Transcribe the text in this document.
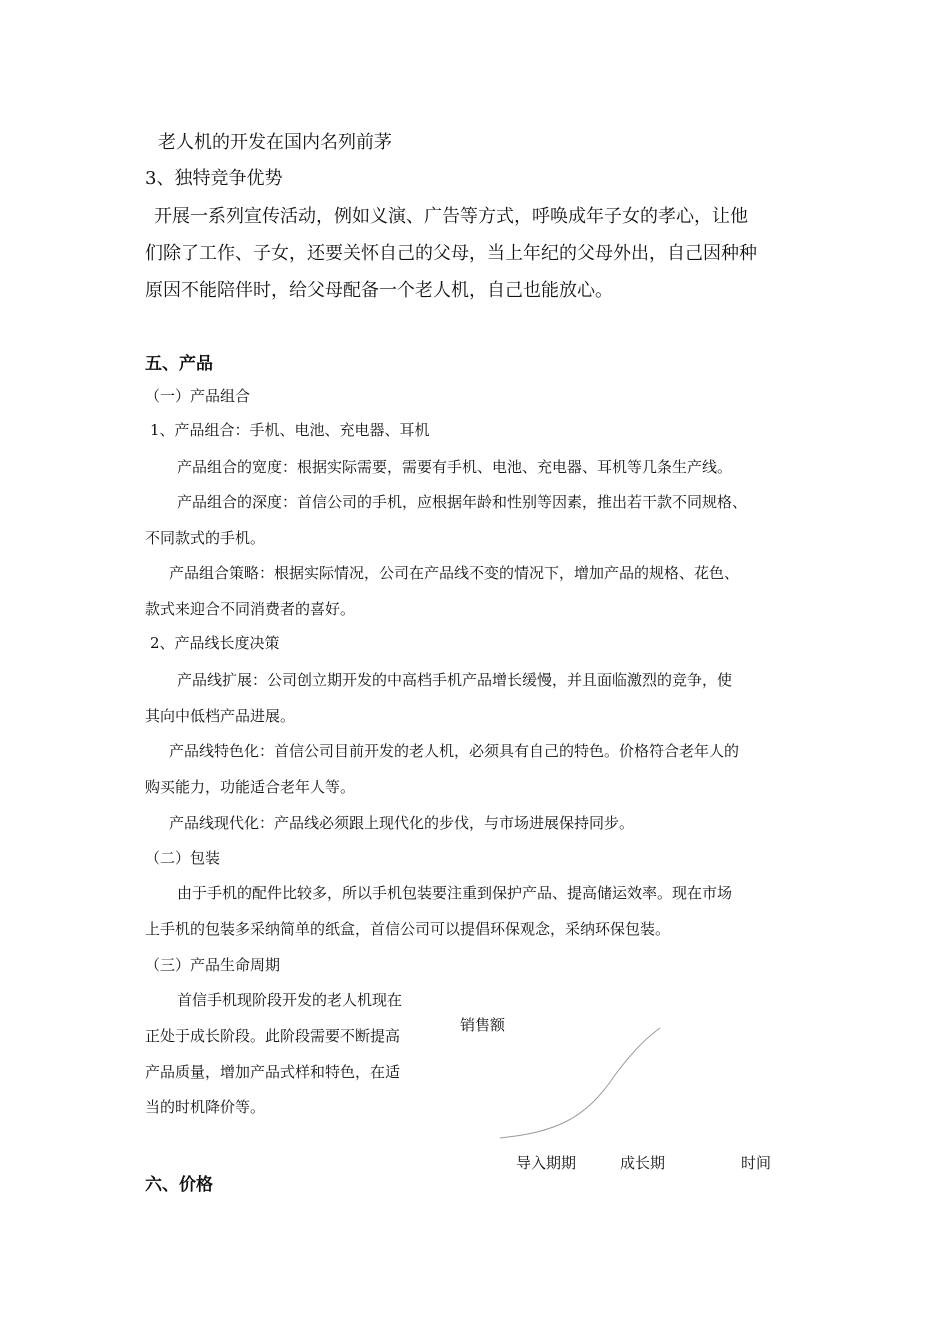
老人机的开发在国内名列前茅

3、独特竞争优势

开展一系列宣传活动，例如义演、广告等方式，呼唤成年子女的孝心，让他

们除了工作、子女，还要关怀自己的父母，当上年纪的父母外出，自己因种种

原因不能陪伴时，给父母配备一个老人机，自己也能放心。

五、产品

（一）产品组合

1、产品组合：手机、电池、充电器、耳机

产品组合的宽度：根据实际需要，需要有手机、电池、充电器、耳机等几条生产线。

产品组合的深度：首信公司的手机，应根据年龄和性别等因素，推出若干款不同规格、

不同款式的手机。

产品组合策略：根据实际情况，公司在产品线不变的情况下，增加产品的规格、花色、

款式来迎合不同消费者的喜好。

2、产品线长度决策

产品线扩展：公司创立期开发的中高档手机产品增长缓慢，并且面临激烈的竞争，使

其向中低档产品进展。

产品线特色化：首信公司目前开发的老人机，必须具有自己的特色。价格符合老年人的

购买能力，功能适合老年人等。

产品线现代化：产品线必须跟上现代化的步伐，与市场进展保持同步。

（二）包装

由于手机的配件比较多，所以手机包装要注重到保护产品、提高储运效率。现在市场

上手机的包装多采纳简单的纸盒，首信公司可以提倡环保观念，采纳环保包装。

（三）产品生命周期

首信手机现阶段开发的老人机现在

正处于成长阶段。此阶段需要不断提高

产品质量，增加产品式样和特色，在适

当的时机降价等。

销售额

导入期期	成长期	时间

六、价格
